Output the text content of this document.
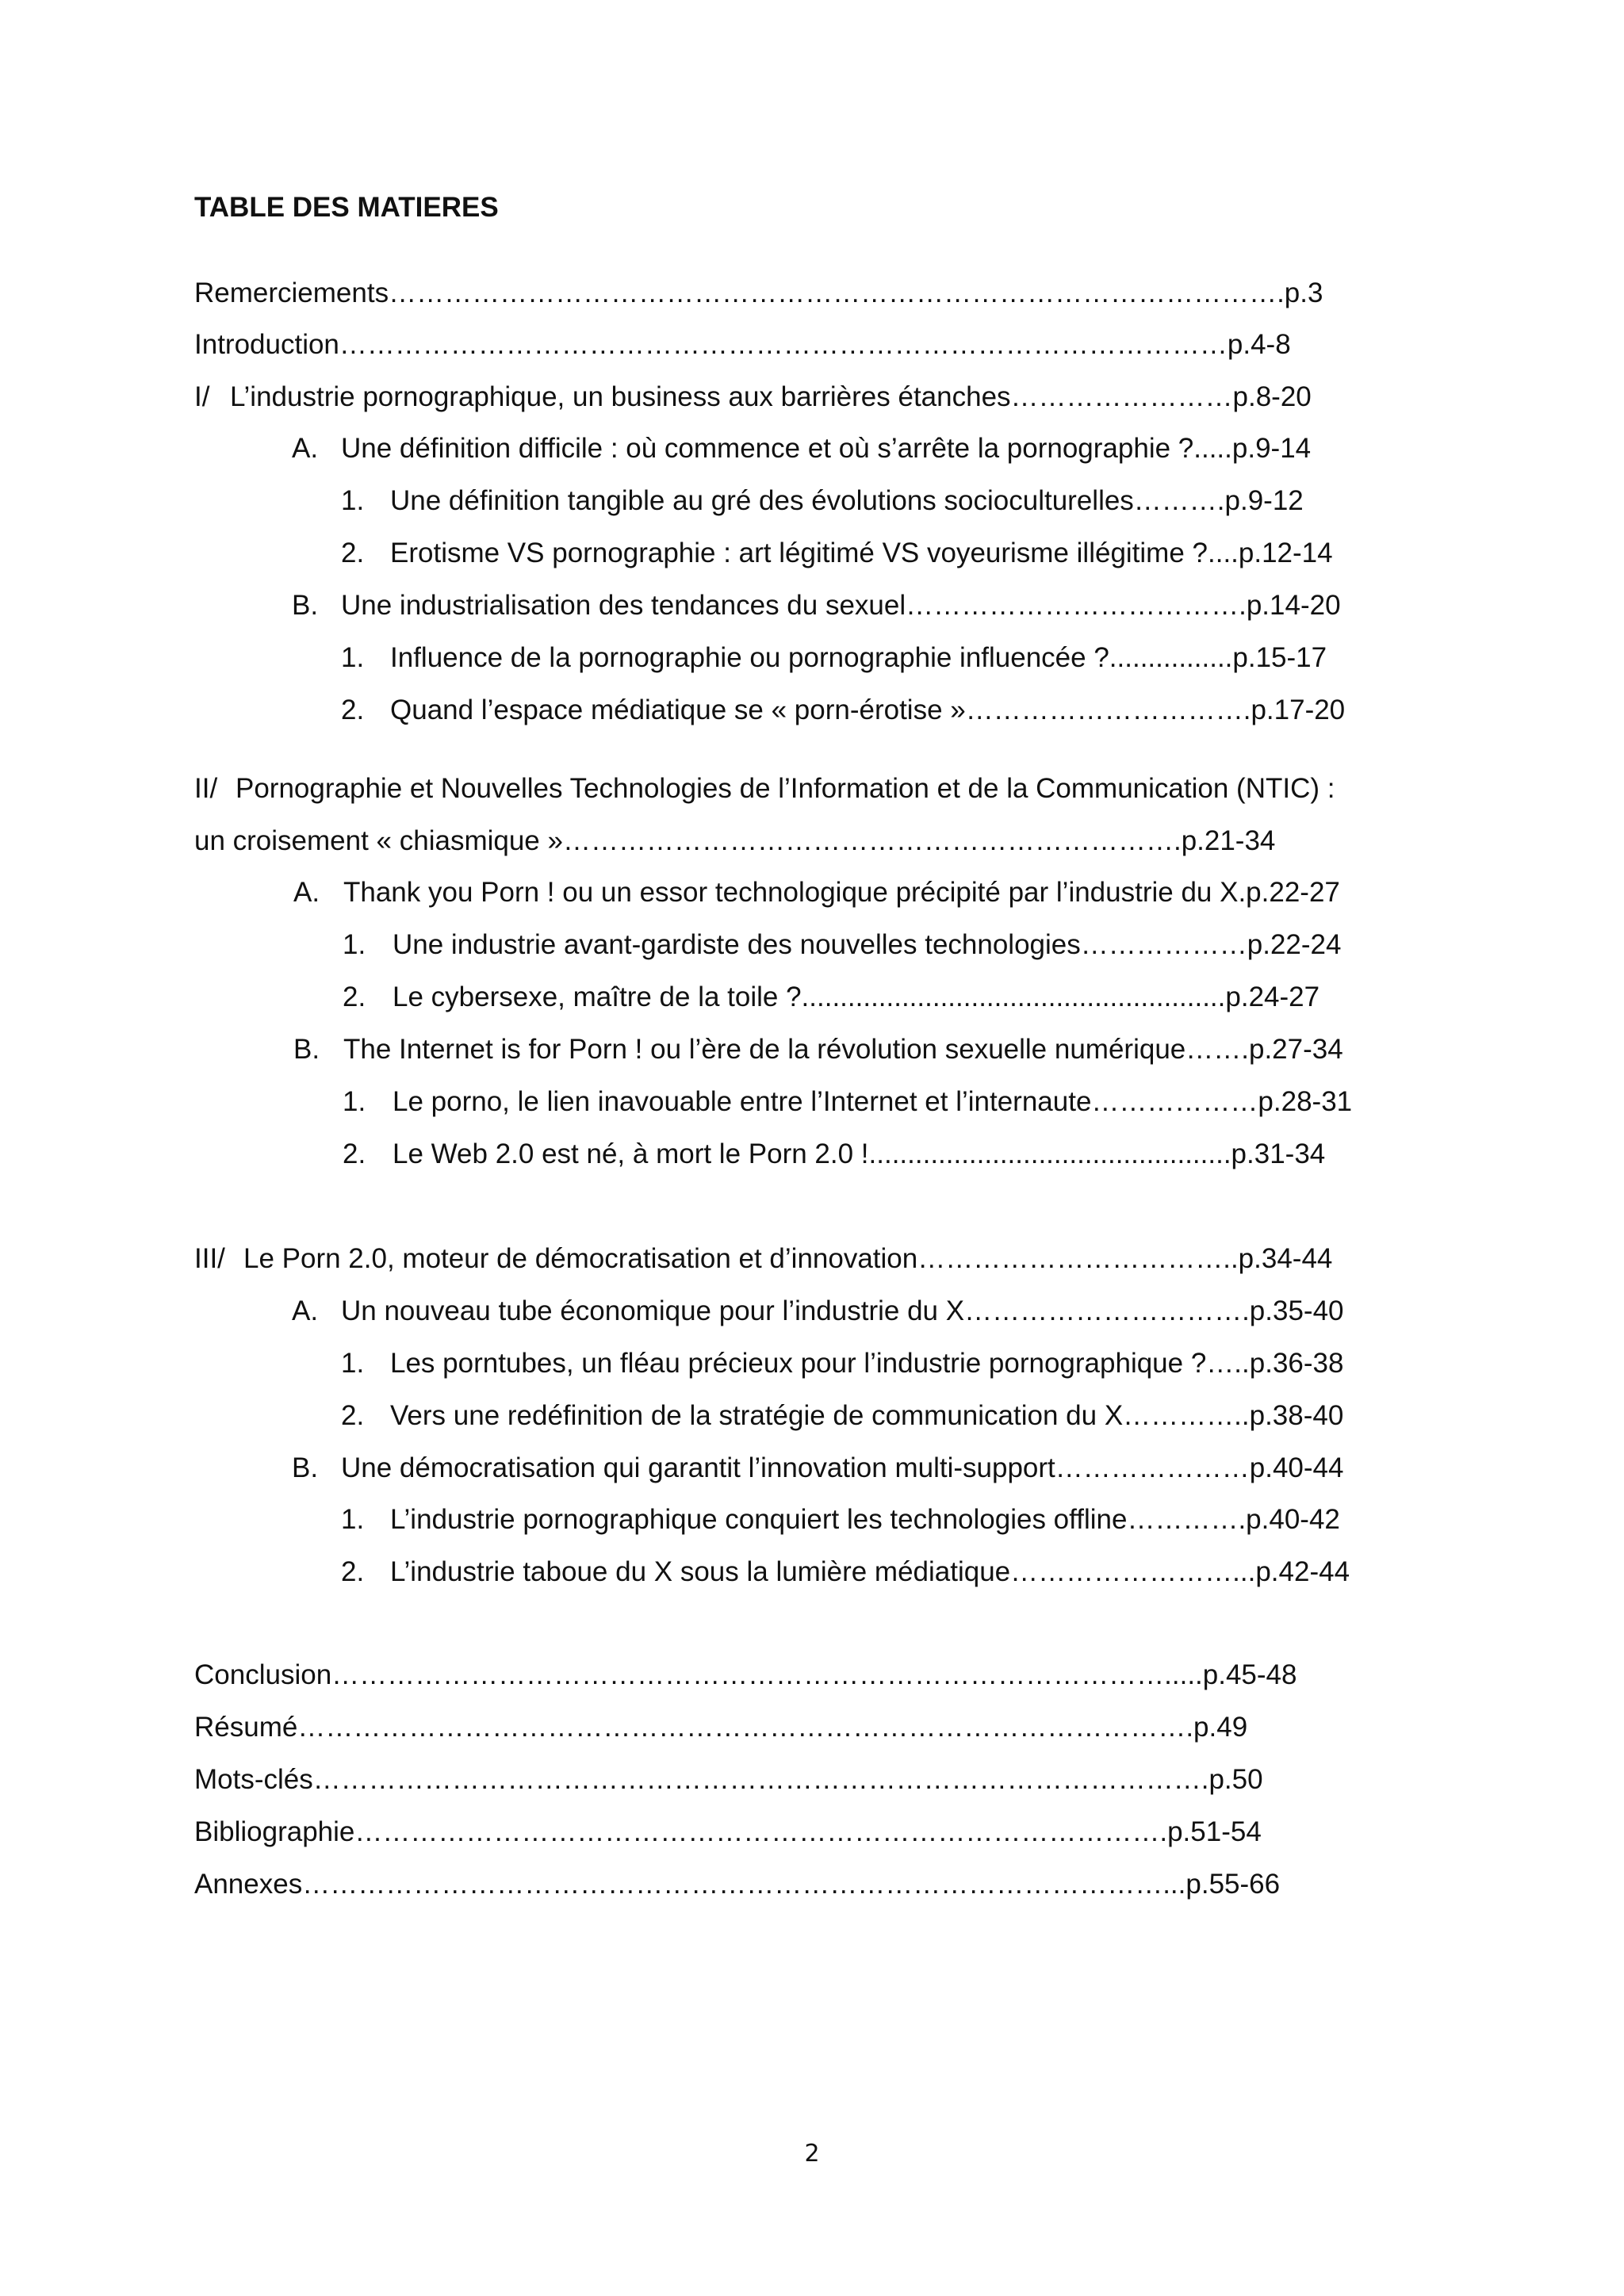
TABLE DES MATIERES
Remerciements…………………………………………………………………………………….p.3
Introduction……………………………………………………………………………………p.4-8
I/ L’industrie pornographique, un business aux barrières étanches……………………p.8-20
A. Une définition difficile : où commence et où s’arrête la pornographie ?.....p.9-14
1. Une définition tangible au gré des évolutions socioculturelles……….p.9-12
2. Erotisme VS pornographie : art légitimé VS voyeurisme illégitime ?....p.12-14
B. Une industrialisation des tendances du sexuel……………………………….p.14-20
1. Influence de la pornographie ou pornographie influencée ?................p.15-17
2. Quand l’espace médiatique se « porn-érotise »………………………….p.17-20
II/ Pornographie et Nouvelles Technologies de l’Information et de la Communication (NTIC) :
un croisement « chiasmique »………………………………………………………….p.21-34
A. Thank you Porn ! ou un essor technologique précipité par l’industrie du X.p.22-27
1. Une industrie avant-gardiste des nouvelles technologies………………p.22-24
2. Le cybersexe, maître de la toile ?.......................................................p.24-27
B. The Internet is for Porn ! ou l’ère de la révolution sexuelle numérique…….p.27-34
1. Le porno, le lien inavouable entre l’Internet et l’internaute………………p.28-31
2. Le Web 2.0 est né, à mort le Porn 2.0 !...............................................p.31-34
III/ Le Porn 2.0, moteur de démocratisation et d’innovation……………………………..p.34-44
A. Un nouveau tube économique pour l’industrie du X………………………….p.35-40
1. Les porntubes, un fléau précieux pour l’industrie pornographique ?…..p.36-38
2. Vers une redéfinition de la stratégie de communication du X…………..p.38-40
B. Une démocratisation qui garantit l’innovation multi-support…………………p.40-44
1. L’industrie pornographique conquiert les technologies offline………….p.40-42
2. L’industrie taboue du X sous la lumière médiatique……………………...p.42-44
Conclusion……………………………………………………………………………….....p.45-48
Résumé…………………………………………………………………………………….p.49
Mots-clés…………………………………………………………………………………….p.50
Bibliographie…………………………………………………………………………….p.51-54
Annexes…………………………………………………………………………………...p.55-66
2
